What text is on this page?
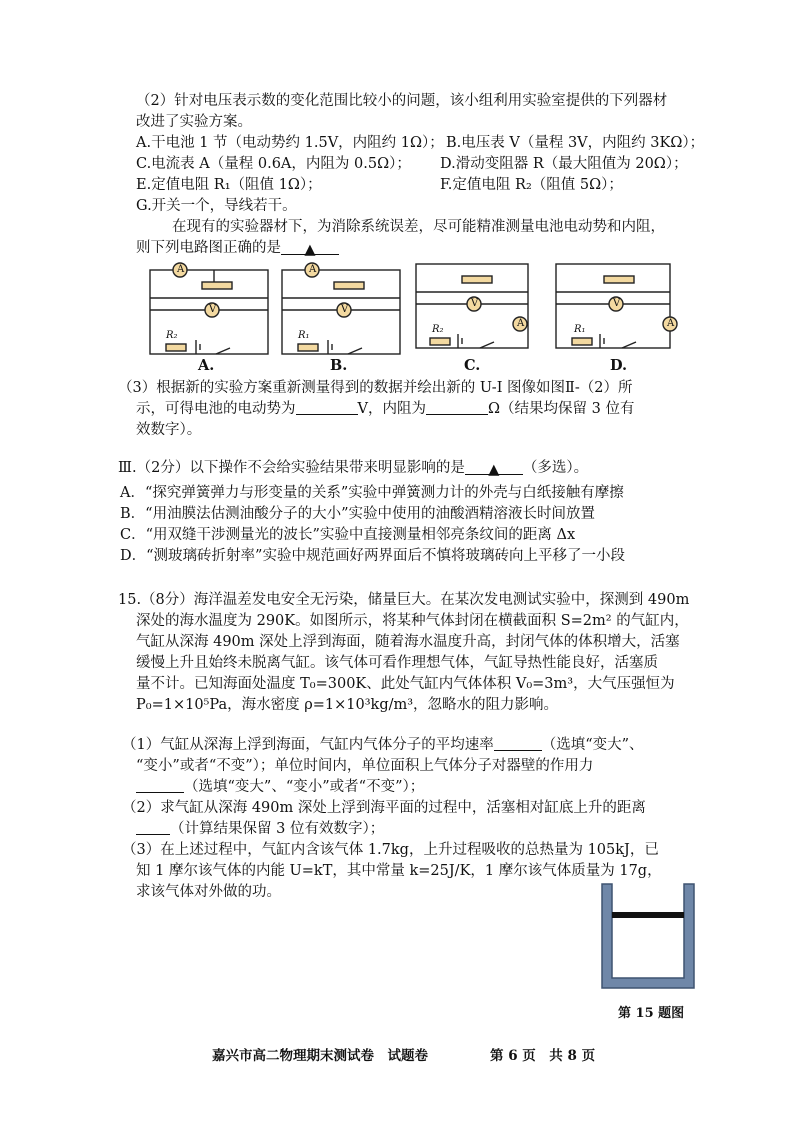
（2）针对电压表示数的变化范围比较小的问题，该小组利用实验室提供的下列器材
改进了实验方案。
A.干电池 1 节（电动势约 1.5V，内阻约 1Ω）； B.电压表 V（量程 3V，内阻约 3KΩ）；
C.电流表 A（量程 0.6A，内阻为 0.5Ω）； D.滑动变阻器 R（最大阻值为 20Ω）；
E.定值电阻 R₁（阻值 1Ω）；	F.定值电阻 R₂（阻值 5Ω）；
G.开关一个，导线若干。
在现有的实验器材下，为消除系统误差，尽可能精准测量电池电动势和内阻，
则下列电路图正确的是 ▲
A
V
R₂
A.
A
V
R₁
B.
V
A
R₂
C.
V
A
R₁
D.
（3）根据新的实验方案重新测量得到的数据并绘出新的 U-I 图像如图Ⅱ-（2）所
示，可得电池的电动势为	V，内阻为	Ω（结果均保留 3 位有
效数字）。
Ⅲ.（2分）以下操作不会给实验结果带来明显影响的是 ▲ （多选）。
A．“探究弹簧弹力与形变量的关系”实验中弹簧测力计的外壳与白纸接触有摩擦
B．“用油膜法估测油酸分子的大小”实验中使用的油酸酒精溶液长时间放置
C．“用双缝干涉测量光的波长”实验中直接测量相邻亮条纹间的距离 Δx
D．“测玻璃砖折射率”实验中规范画好两界面后不慎将玻璃砖向上平移了一小段
15.（8分）海洋温差发电安全无污染，储量巨大。在某次发电测试实验中，探测到 490m
深处的海水温度为 290K。如图所示，将某种气体封闭在横截面积 S=2m² 的气缸内，
气缸从深海 490m 深处上浮到海面，随着海水温度升高，封闭气体的体积增大，活塞
缓慢上升且始终未脱离气缸。该气体可看作理想气体，气缸导热性能良好，活塞质
量不计。已知海面处温度 T₀=300K、此处气缸内气体体积 V₀=3m³，大气压强恒为
P₀=1×10⁵Pa，海水密度 ρ=1×10³kg/m³，忽略水的阻力影响。
（1）气缸从深海上浮到海面，气缸内气体分子的平均速率	（选填“变大”、
“变小”或者“不变”）；单位时间内，单位面积上气体分子对器壁的作用力
（选填“变大”、“变小”或者“不变”）；
（2）求气缸从深海 490m 深处上浮到海平面的过程中，活塞相对缸底上升的距离
（计算结果保留 3 位有效数字）；
（3）在上述过程中，气缸内含该气体 1.7kg，上升过程吸收的总热量为 105kJ，已
知 1 摩尔该气体的内能 U=kT，其中常量 k=25J/K，1 摩尔该气体质量为 17g，
求该气体对外做的功。
第 15 题图
嘉兴市高二物理期末测试卷　试题卷	第 6 页　共 8 页
